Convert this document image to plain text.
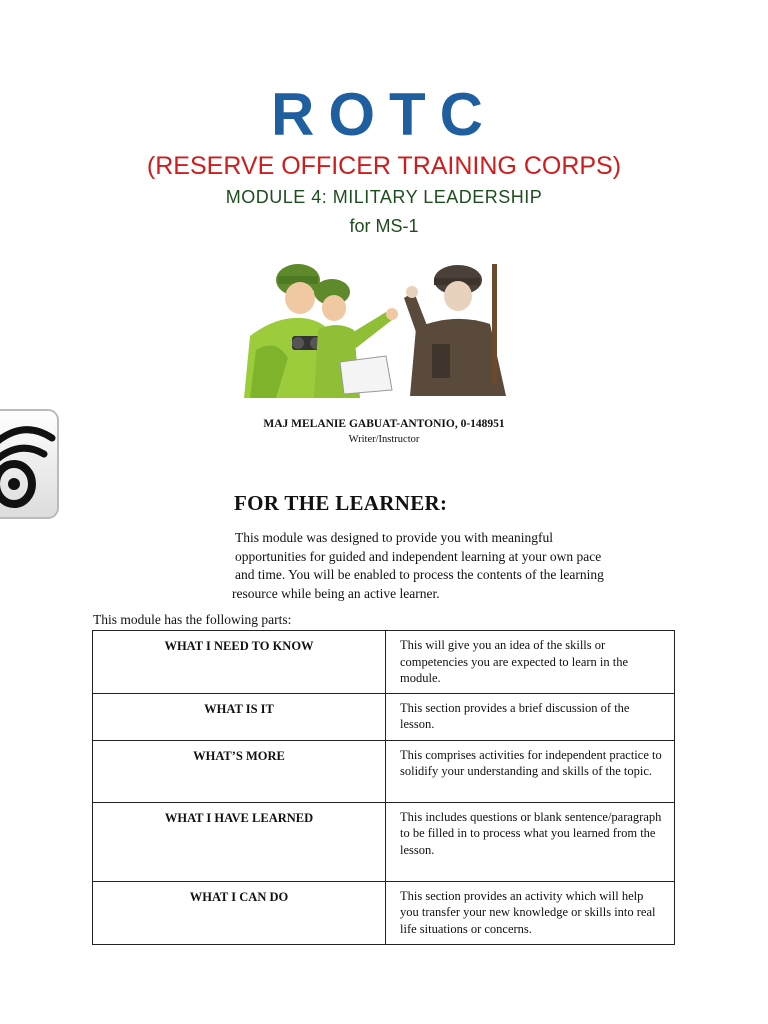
ROTC
(RESERVE OFFICER TRAINING CORPS)
MODULE 4: MILITARY LEADERSHIP
for MS-1
MAJ MELANIE GABUAT-ANTONIO, 0-148951
Writer/Instructor
FOR THE LEARNER:
This module was designed to provide you with meaningful
opportunities for guided and independent learning at your own pace
and time. You will be enabled to process the contents of the learning
resource while being an active learner.
This module has the following parts:
WHAT I NEED TO KNOW	This will give you an idea of the skills or competencies you are expected to learn in the module.
WHAT IS IT	This section provides a brief discussion of the lesson.
WHAT’S MORE	This comprises activities for independent practice to solidify your understanding and skills of the topic.
WHAT I HAVE LEARNED	This includes questions or blank sentence/paragraph to be filled in to process what you learned from the lesson.
WHAT I CAN DO	This section provides an activity which will help you transfer your new knowledge or skills into real life situations or concerns.
